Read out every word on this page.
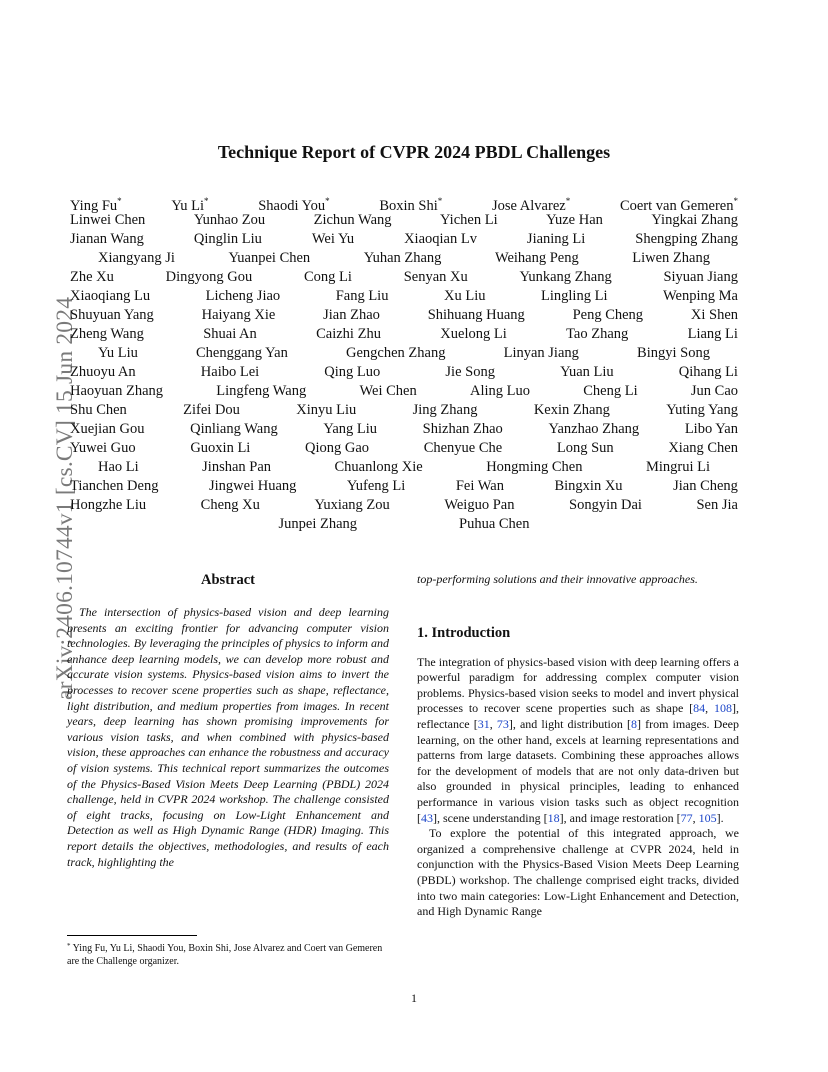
arXiv:2406.10744v1 [cs.CV] 15 Jun 2024
Technique Report of CVPR 2024 PBDL Challenges
Ying Fu*	Yu Li*	Shaodi You*	Boxin Shi*	Jose Alvarez*	Coert van Gemeren*
Linwei Chen	Yunhao Zou	Zichun Wang	Yichen Li	Yuze Han	Yingkai Zhang
Jianan Wang	Qinglin Liu	Wei Yu	Xiaoqian Lv	Jianing Li	Shengping Zhang
Xiangyang Ji	Yuanpei Chen	Yuhan Zhang	Weihang Peng	Liwen Zhang
Zhe Xu	Dingyong Gou	Cong Li	Senyan Xu	Yunkang Zhang	Siyuan Jiang
Xiaoqiang Lu	Licheng Jiao	Fang Liu	Xu Liu	Lingling Li	Wenping Ma
Shuyuan Yang	Haiyang Xie	Jian Zhao	Shihuang Huang	Peng Cheng	Xi Shen
Zheng Wang	Shuai An	Caizhi Zhu	Xuelong Li	Tao Zhang	Liang Li
Yu Liu	Chenggang Yan	Gengchen Zhang	Linyan Jiang	Bingyi Song
Zhuoyu An	Haibo Lei	Qing Luo	Jie Song	Yuan Liu	Qihang Li
Haoyuan Zhang	Lingfeng Wang	Wei Chen	Aling Luo	Cheng Li	Jun Cao
Shu Chen	Zifei Dou	Xinyu Liu	Jing Zhang	Kexin Zhang	Yuting Yang
Xuejian Gou	Qinliang Wang	Yang Liu	Shizhan Zhao	Yanzhao Zhang	Libo Yan
Yuwei Guo	Guoxin Li	Qiong Gao	Chenyue Che	Long Sun	Xiang Chen
Hao Li	Jinshan Pan	Chuanlong Xie	Hongming Chen	Mingrui Li
Tianchen Deng	Jingwei Huang	Yufeng Li	Fei Wan	Bingxin Xu	Jian Cheng
Hongzhe Liu	Cheng Xu	Yuxiang Zou	Weiguo Pan	Songyin Dai	Sen Jia
Junpei Zhang	Puhua Chen
Abstract

The intersection of physics-based vision and deep learning presents an exciting frontier for advancing computer vision technologies. By leveraging the principles of physics to inform and enhance deep learning models, we can develop more robust and accurate vision systems. Physics-based vision aims to invert the processes to recover scene properties such as shape, reflectance, light distribution, and medium properties from images. In recent years, deep learning has shown promising improvements for various vision tasks, and when combined with physics-based vision, these approaches can enhance the robustness and accuracy of vision systems. This technical report summarizes the outcomes of the Physics-Based Vision Meets Deep Learning (PBDL) 2024 challenge, held in CVPR 2024 workshop. The challenge consisted of eight tracks, focusing on Low-Light Enhancement and Detection as well as High Dynamic Range (HDR) Imaging. This report details the objectives, methodologies, and results of each track, highlighting the

top-performing solutions and their innovative approaches.

1. Introduction

The integration of physics-based vision with deep learning offers a powerful paradigm for addressing complex computer vision problems. Physics-based vision seeks to model and invert physical processes to recover scene properties such as shape [84, 108], reflectance [31, 73], and light distribution [8] from images. Deep learning, on the other hand, excels at learning representations and patterns from large datasets. Combining these approaches allows for the development of models that are not only data-driven but also grounded in physical principles, leading to enhanced performance in various vision tasks such as object recognition [43], scene understanding [18], and image restoration [77, 105].

To explore the potential of this integrated approach, we organized a comprehensive challenge at CVPR 2024, held in conjunction with the Physics-Based Vision Meets Deep Learning (PBDL) workshop. The challenge comprised eight tracks, divided into two main categories: Low-Light Enhancement and Detection, and High Dynamic Range

* Ying Fu, Yu Li, Shaodi You, Boxin Shi, Jose Alvarez and Coert van Gemeren are the Challenge organizer.
1
